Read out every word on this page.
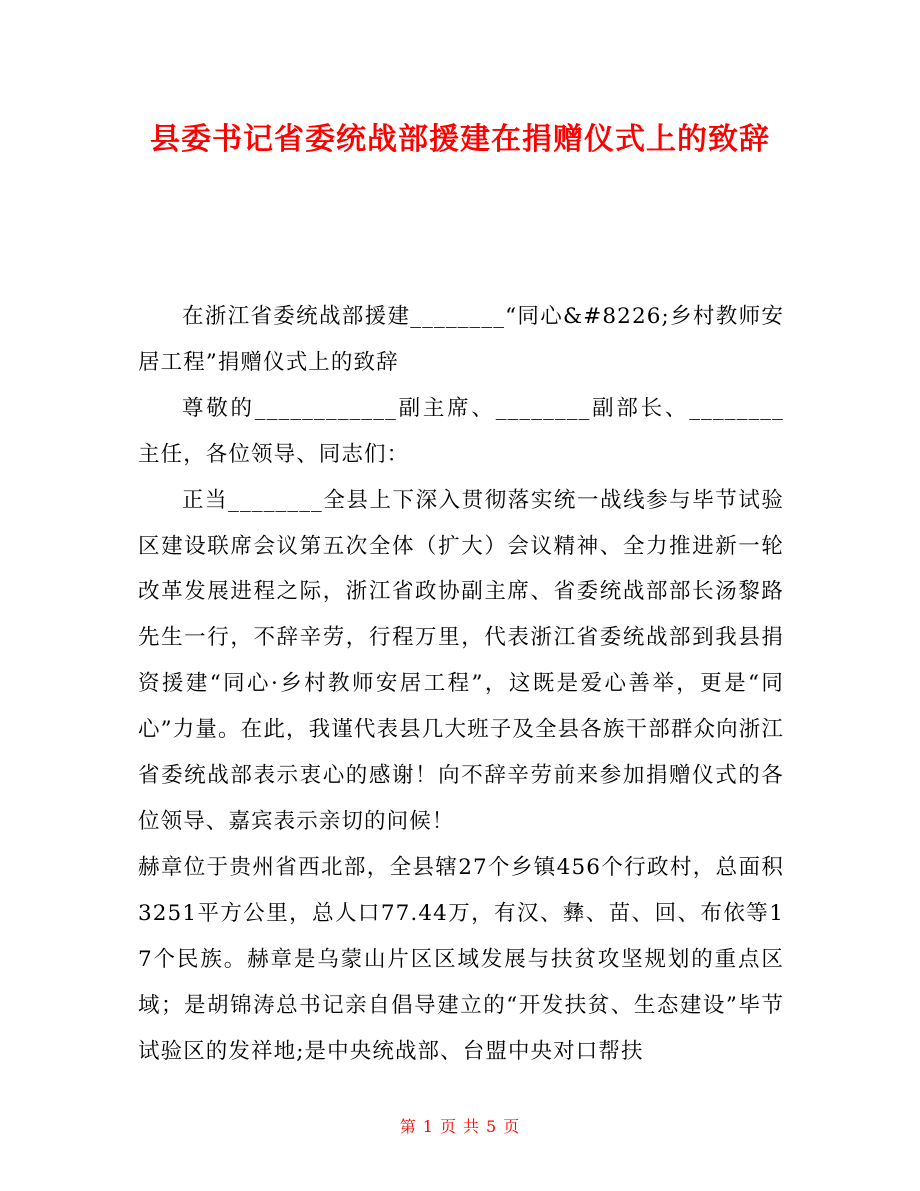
县委书记省委统战部援建在捐赠仪式上的致辞

在浙江省委统战部援建________“同心&#8226;乡村教师安居工程”捐赠仪式上的致辞

尊敬的____________副主席、________副部长、________主任，各位领导、同志们：

正当________全县上下深入贯彻落实统一战线参与毕节试验区建设联席会议第五次全体（扩大）会议精神、全力推进新一轮改革发展进程之际，浙江省政协副主席、省委统战部部长汤黎路先生一行，不辞辛劳，行程万里，代表浙江省委统战部到我县捐资援建“同心·乡村教师安居工程”，这既是爱心善举，更是“同心”力量。在此，我谨代表县几大班子及全县各族干部群众向浙江省委统战部表示衷心的感谢！向不辞辛劳前来参加捐赠仪式的各位领导、嘉宾表示亲切的问候！

赫章位于贵州省西北部，全县辖27个乡镇456个行政村，总面积3251平方公里，总人口77.44万，有汉、彝、苗、回、布依等17个民族。赫章是乌蒙山片区区域发展与扶贫攻坚规划的重点区域；是胡锦涛总书记亲自倡导建立的“开发扶贫、生态建设”毕节试验区的发祥地;是中央统战部、台盟中央对口帮扶

第 1 页 共 5 页
